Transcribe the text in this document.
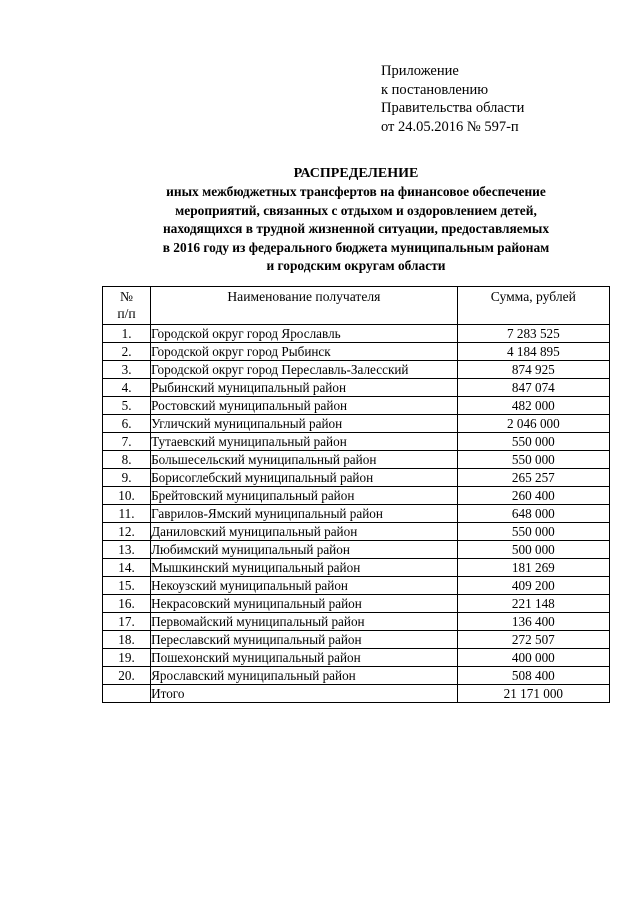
Приложение
к постановлению
Правительства области
от 24.05.2016 № 597-п
РАСПРЕДЕЛЕНИЕ
иных межбюджетных трансфертов на финансовое обеспечение
мероприятий, связанных с отдыхом и оздоровлением детей,
находящихся в трудной жизненной ситуации, предоставляемых
в 2016 году из федерального бюджета муниципальным районам
и городским округам области
№
п/п	Наименование получателя	Сумма, рублей
1.	Городской округ город Ярославль	7 283 525
2.	Городской округ город Рыбинск	4 184 895
3.	Городской округ город Переславль-Залесский	874 925
4.	Рыбинский муниципальный район	847 074
5.	Ростовский муниципальный район	482 000
6.	Угличский муниципальный район	2 046 000
7.	Тутаевский муниципальный район	550 000
8.	Большесельский муниципальный район	550 000
9.	Борисоглебский муниципальный район	265 257
10.	Брейтовский муниципальный район	260 400
11.	Гаврилов-Ямский муниципальный район	648 000
12.	Даниловский муниципальный район	550 000
13.	Любимский муниципальный район	500 000
14.	Мышкинский муниципальный район	181 269
15.	Некоузский муниципальный район	409 200
16.	Некрасовский муниципальный район	221 148
17.	Первомайский муниципальный район	136 400
18.	Переславский муниципальный район	272 507
19.	Пошехонский муниципальный район	400 000
20.	Ярославский муниципальный район	508 400
	Итого	21 171 000
